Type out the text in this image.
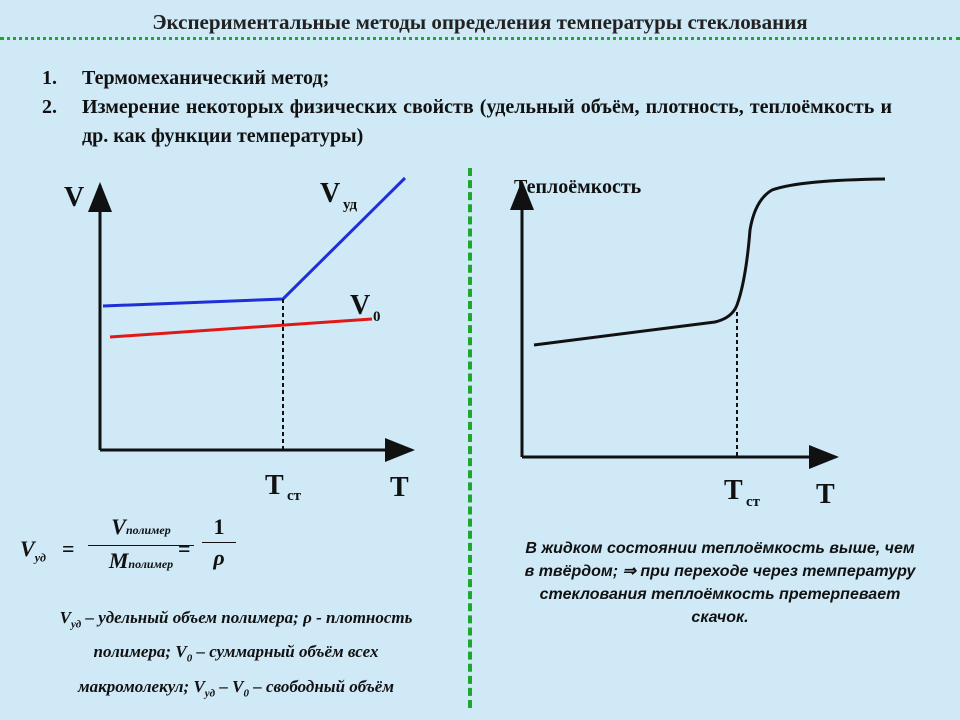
Экспериментальные методы определения температуры стеклования
1. Термомеханический метод;
2. Измерение некоторых физических свойств (удельный объём, плотность, теплоёмкость и др. как функции температуры)
V
T
T ст
V уд
V 0
Теплоёмкость
T
T ст
$V_{уд}$ =
Vполимер
Mполимер
=
1
ρ
$V_{уд}$ – удельный объем полимера; ρ - плотность
полимера; $V_0$ – суммарный объём всех
макромолекул; $V_{уд} - V_0$ – свободный объём
В жидком состоянии теплоёмкость выше, чем
в твёрдом; ⇒ при переходе через температуру
стеклования теплоёмкость претерпевает
скачок.
